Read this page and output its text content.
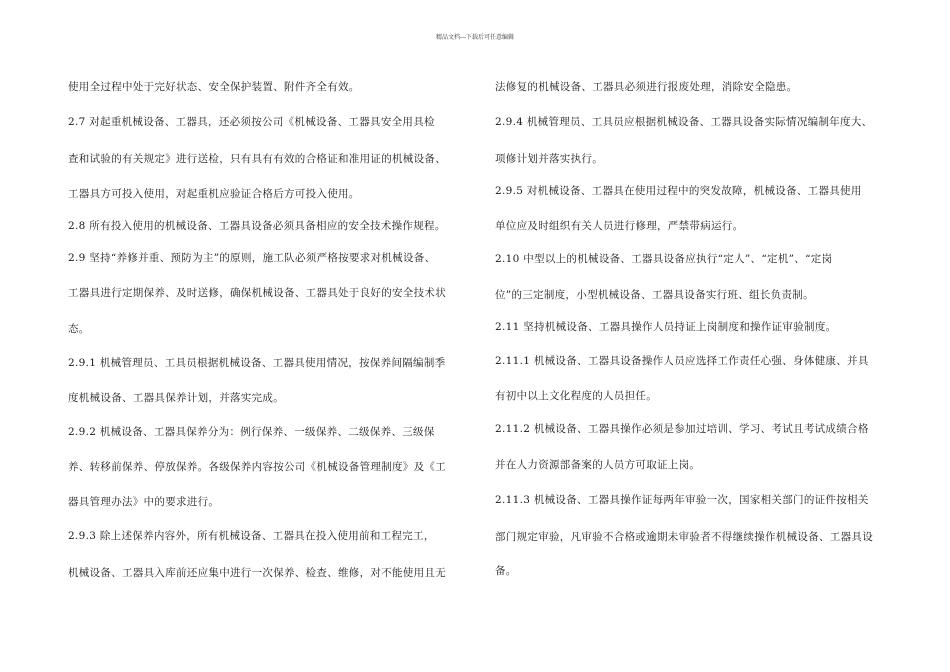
精品文档---下载后可任意编辑
使用全过程中处于完好状态、安全保护装置、附件齐全有效。
2.7 对起重机械设备、工器具，还必须按公司《机械设备、工器具安全用具检
查和试验的有关规定》进行送检，只有具有有效的合格证和准用证的机械设备、
工器具方可投入使用，对起重机应验证合格后方可投入使用。
2.8 所有投入使用的机械设备、工器具设备必须具备相应的安全技术操作规程。
2.9 坚持“养修并重、预防为主”的原则，施工队必须严格按要求对机械设备、
工器具进行定期保养、及时送修，确保机械设备、工器具处于良好的安全技术状
态。
2.9.1 机械管理员、工具员根据机械设备、工器具使用情况，按保养间隔编制季
度机械设备、工器具保养计划，并落实完成。
2.9.2 机械设备、工器具保养分为：例行保养、一级保养、二级保养、三级保
养、转移前保养、停放保养。各级保养内容按公司《机械设备管理制度》及《工
器具管理办法》中的要求进行。
2.9.3 除上述保养内容外，所有机械设备、工器具在投入使用前和工程完工，
机械设备、工器具入库前还应集中进行一次保养、检查、维修，对不能使用且无
法修复的机械设备、工器具必须进行报废处理，消除安全隐患。
2.9.4 机械管理员、工具员应根据机械设备、工器具设备实际情况编制年度大、
项修计划并落实执行。
2.9.5 对机械设备、工器具在使用过程中的突发故障，机械设备、工器具使用
单位应及时组织有关人员进行修理，严禁带病运行。
2.10 中型以上的机械设备、工器具设备应执行“定人”、“定机”、“定岗
位”的三定制度，小型机械设备、工器具设备实行班、组长负责制。
2.11 坚持机械设备、工器具操作人员持证上岗制度和操作证审验制度。
2.11.1 机械设备、工器具设备操作人员应选择工作责任心强、身体健康、并具
有初中以上文化程度的人员担任。
2.11.2 机械设备、工器具操作必须是参加过培训、学习、考试且考试成绩合格
并在人力资源部备案的人员方可取证上岗。
2.11.3 机械设备、工器具操作证每两年审验一次，国家相关部门的证件按相关
部门规定审验，凡审验不合格或逾期未审验者不得继续操作机械设备、工器具设
备。
